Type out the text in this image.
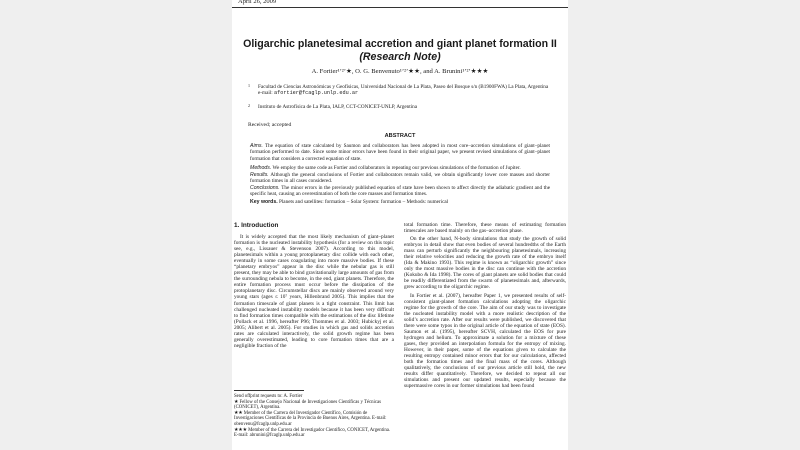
April 26, 2009
Oligarchic planetesimal accretion and giant planet formation II
(Research Note)
A. Fortier¹ʼ²ʼ★, O. G. Benvenuto¹ʼ²ʼ★★, and A. Brunini¹ʼ²ʼ★★★
1 Facultad de Ciencias Astronómicas y Geofísicas, Universidad Nacional de La Plata, Paseo del Bosque s/n (B1900FWA) La Plata, Argentina
e-mail: afortier@fcaglp.unlp.edu.ar
2 Instituto de Astrofísica de La Plata, IALP, CCT-CONICET-UNLP, Argentina
Received; accepted
ABSTRACT
Aims. The equation of state calculated by Saumon and collaborators has been adopted in most core–accretion simulations of giant–planet formation performed to date. Since some minor errors have been found in their original paper, we present revised simulations of giant–planet formation that considers a corrected equation of state.
Methods. We employ the same code as Fortier and collaborators in repeating our previous simulations of the formation of Jupiter.
Results. Although the general conclusions of Fortier and collaborators remain valid, we obtain significantly lower core masses and shorter formation times in all cases considered.
Conclusions. The minor errors in the previously published equation of state have been shown to affect directly the adiabatic gradient and the specific heat, causing an overestimation of both the core masses and formation times.
Key words. Planets and satellites: formation – Solar System: formation – Methods: numerical
1. Introduction

It is widely accepted that the most likely mechanism of giant–planet formation is the nucleated instability hypothesis (for a review on this topic see, e.g., Lissauer & Stevenson 2007). According to this model, planetesimals within a young protoplanetary disc collide with each other, eventually in some cases coagulating into more massive bodies. If these “planetary embryos” appear in the disc while the nebular gas is still present, they may be able to bind gravitationally large amounts of gas from the surrounding nebula to become, in the end, giant planets. Therefore, the entire formation process must occur before the dissipation of the protoplanetary disc. Circumstellar discs are mainly observed around very young stars (ages ≤ 10⁷ years, Hillenbrand 2005). This implies that the formation timescale of giant planets is a tight constraint. This limit has challenged nucleated instability models because it has been very difficult to find formation times compatible with the estimations of the disc lifetime (Pollack et al. 1996, hereafter P96; Thommes et al. 2003; Hubickyj et al. 2005; Alibert et al. 2005). For studies in which gas and solids accretion rates are calculated interactively, the solid growth regime has been generally overestimated, leading to core formation times that are a negligible fraction of the

Send offprint requests to: A. Fortier
★ Fellow of the Consejo Nacional de Investigaciones Científicas y Técnicas (CONICET), Argentina.
★★ Member of the Carrera del Investigador Científico, Comisión de Investigaciones Científicas de la Provincia de Buenos Aires, Argentina. E-mail: obenvenu@fcaglp.unlp.edu.ar
★★★ Member of the Carrera del Investigador Científico, CONICET, Argentina. E-mail: abrunini@fcaglp.unlp.edu.ar

total formation time. Therefore, these means of estimating formation timescales are based mainly on the gas–accretion phase.

On the other hand, N-body simulations that study the growth of solid embryos in detail show that even bodies of several hundredths of the Earth mass can perturb significantly the neighbouring planetesimals, increasing their relative velocities and reducing the growth rate of the embryo itself (Ida & Makino 1993). This regime is known as “oligarchic growth” since only the most massive bodies in the disc can continue with the accretion (Kokubo & Ida 1998). The cores of giant planets are solid bodies that could be readily differentiated from the swarm of planetesimals and, afterwards, grew according to the oligarchic regime.

In Fortier et al. (2007), hereafter Paper 1, we presented results of self-consistent giant-planet formation calculations adopting the oligarchic regime for the growth of the core. The aim of our study was to investigate the nucleated instability model with a more realistic description of the solid’s accretion rate. After our results were published, we discovered that there were some typos in the original article of the equation of state (EOS). Saumon et al. (1995), hereafter SCVH, calculated the EOS for pure hydrogen and helium. To approximate a solution for a mixture of these gases, they provided an interpolation formula for the entropy of mixing. However, in their paper, some of the equations given to calculate the resulting entropy contained minor errors that for our calculations, affected both the formation times and the final mass of the cores. Although qualitatively, the conclusions of our previous article still hold, the new results differ quantitatively. Therefore, we decided to repeat all our simulations and present our updated results, especially because the supermassive cores in our former simulations had been found
